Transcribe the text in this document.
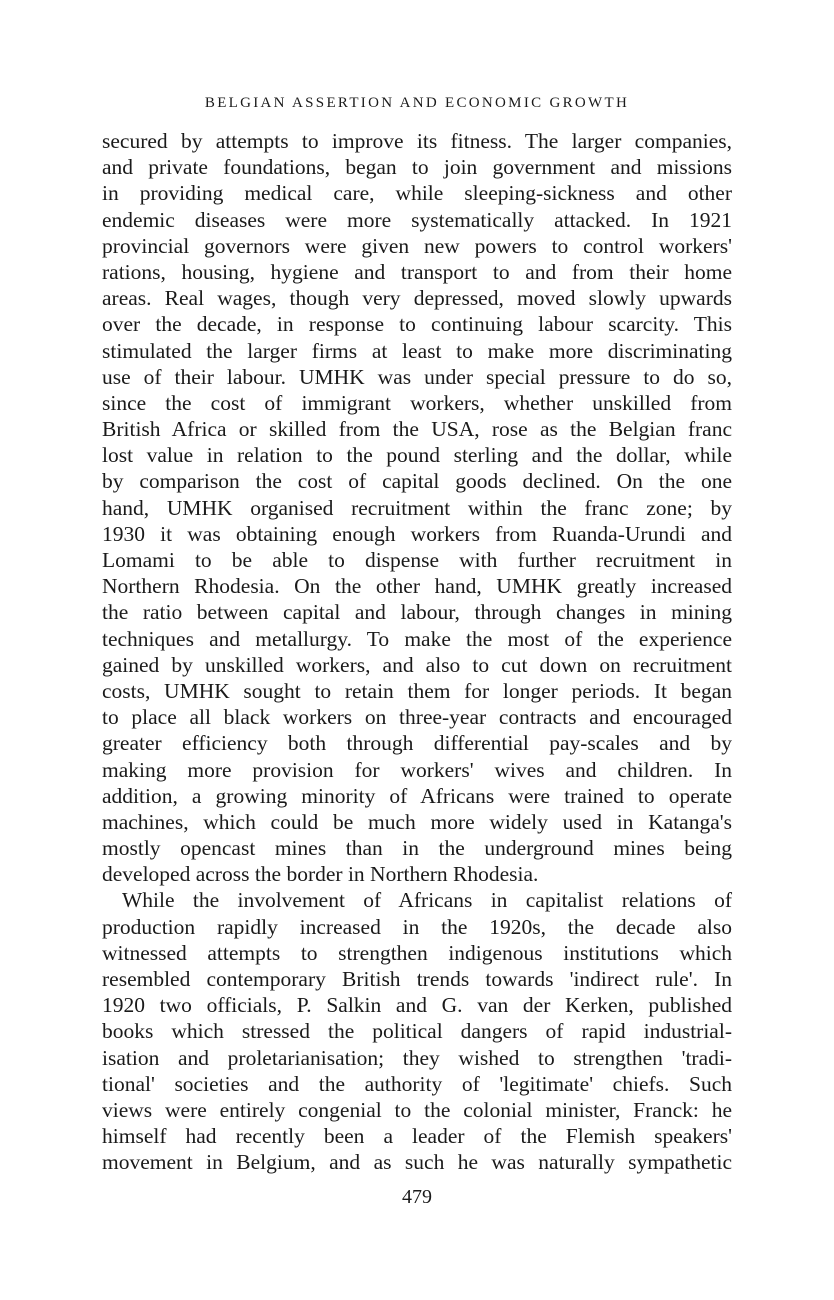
BELGIAN ASSERTION AND ECONOMIC GROWTH
secured by attempts to improve its fitness. The larger companies,
and private foundations, began to join government and missions
in providing medical care, while sleeping-sickness and other
endemic diseases were more systematically attacked. In 1921
provincial governors were given new powers to control workers'
rations, housing, hygiene and transport to and from their home
areas. Real wages, though very depressed, moved slowly upwards
over the decade, in response to continuing labour scarcity. This
stimulated the larger firms at least to make more discriminating
use of their labour. UMHK was under special pressure to do so,
since the cost of immigrant workers, whether unskilled from
British Africa or skilled from the USA, rose as the Belgian franc
lost value in relation to the pound sterling and the dollar, while
by comparison the cost of capital goods declined. On the one
hand, UMHK organised recruitment within the franc zone; by
1930 it was obtaining enough workers from Ruanda-Urundi and
Lomami to be able to dispense with further recruitment in
Northern Rhodesia. On the other hand, UMHK greatly increased
the ratio between capital and labour, through changes in mining
techniques and metallurgy. To make the most of the experience
gained by unskilled workers, and also to cut down on recruitment
costs, UMHK sought to retain them for longer periods. It began
to place all black workers on three-year contracts and encouraged
greater efficiency both through differential pay-scales and by
making more provision for workers' wives and children. In
addition, a growing minority of Africans were trained to operate
machines, which could be much more widely used in Katanga's
mostly opencast mines than in the underground mines being
developed across the border in Northern Rhodesia.
While the involvement of Africans in capitalist relations of
production rapidly increased in the 1920s, the decade also
witnessed attempts to strengthen indigenous institutions which
resembled contemporary British trends towards 'indirect rule'. In
1920 two officials, P. Salkin and G. van der Kerken, published
books which stressed the political dangers of rapid industrial-
isation and proletarianisation; they wished to strengthen 'tradi-
tional' societies and the authority of 'legitimate' chiefs. Such
views were entirely congenial to the colonial minister, Franck: he
himself had recently been a leader of the Flemish speakers'
movement in Belgium, and as such he was naturally sympathetic
479
